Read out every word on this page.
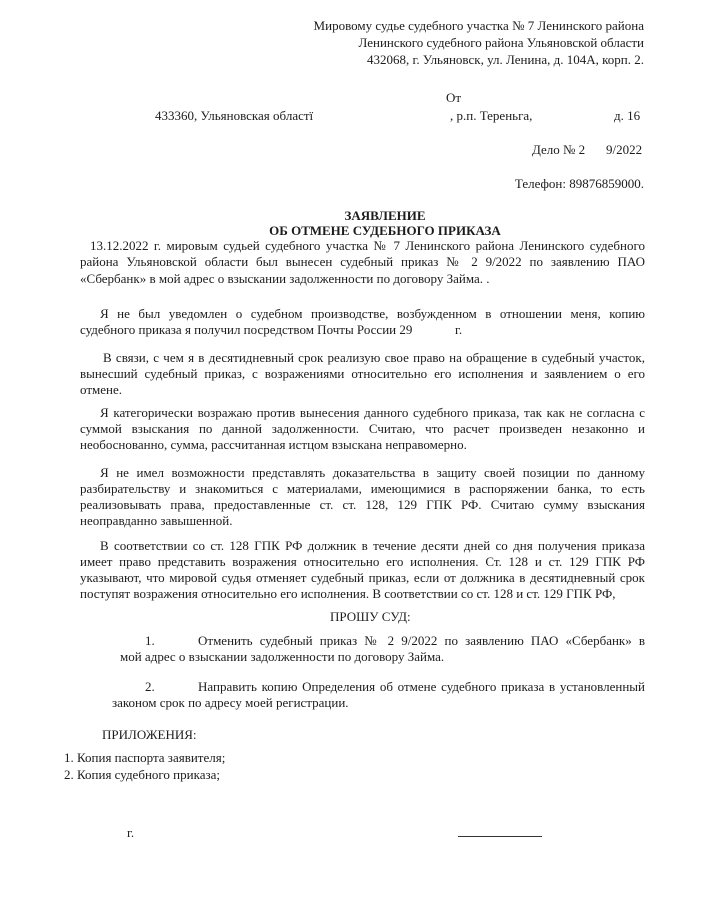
Мировому судье судебного участка № 7 Ленинского района
Ленинского судебного района Ульяновской области
432068, г. Ульяновск, ул. Ленина, д. 104А, корп. 2.
От
433360, Ульяновская областї	, р.п. Тереньга,	д. 16
Дело № 2 9/2022
Телефон: 89876859000.
ЗАЯВЛЕНИЕ
ОБ ОТМЕНЕ СУДЕБНОГО ПРИКАЗА
13.12.2022 г. мировым судьей судебного участка № 7 Ленинского района Ленинского судебного
района Ульяновской области был вынесен судебный приказ № 2 9/2022 по заявлению ПАО
«Сбербанк» в мой адрес о взыскании задолженности по договору Займа. .
Я не был уведомлен о судебном производстве, возбужденном в отношении меня, копию
судебного приказа я получил посредством Почты России 29	г.
В связи, с чем я в десятидневный срок реализую свое право на обращение в судебный участок,
вынесший судебный приказ, с возражениями относительно его исполнения и заявлением о его
отмене.
Я категорически возражаю против вынесения данного судебного приказа, так как не согласна с
суммой взыскания по данной задолженности. Считаю, что расчет произведен незаконно и
необоснованно, сумма, рассчитанная истцом взыскана неправомерно.
Я не имел возможности представлять доказательства в защиту своей позиции по данному
разбирательству и знакомиться с материалами, имеющимися в распоряжении банка, то есть
реализовывать права, предоставленные ст. ст. 128, 129 ГПК РФ. Считаю сумму взыскания
неоправданно завышенной.
В соответствии со ст. 128 ГПК РФ должник в течение десяти дней со дня получения приказа
имеет право представить возражения относительно его исполнения. Ст. 128 и ст. 129 ГПК РФ
указывают, что мировой судья отменяет судебный приказ, если от должника в десятидневный срок
поступят возражения относительно его исполнения. В соответствии со ст. 128 и ст. 129 ГПК РФ,
ПРОШУ СУД:
1.	Отменить судебный приказ № 2 9/2022 по заявлению ПАО «Сбербанк» в
мой адрес о взыскании задолженности по договору Займа.
2.	Направить копию Определения об отмене судебного приказа в установленный
законом срок по адресу моей регистрации.
ПРИЛОЖЕНИЯ:
1. Копия паспорта заявителя;
2. Копия судебного приказа;
г.
